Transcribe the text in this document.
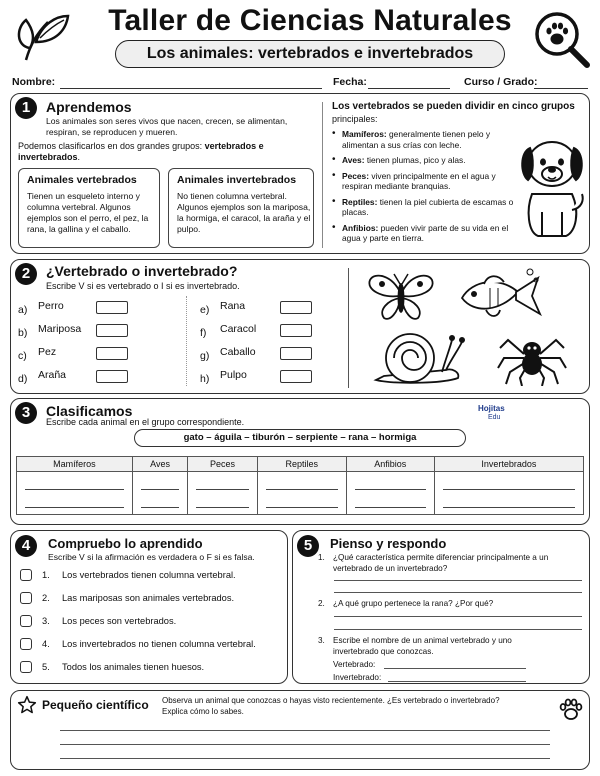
Taller de Ciencias Naturales
Los animales: vertebrados e invertebrados
Nombre:	Fecha:	Curso / Grado:
1	Aprendemos
Los animales son seres vivos que nacen, crecen, se alimentan, respiran, se reproducen y mueren.
Podemos clasificarlos en dos grandes grupos: vertebrados e invertebrados.
Animales vertebrados
Tienen un esqueleto interno y columna vertebral. Algunos ejemplos son el perro, el pez, la rana, la gallina y el caballo.
Animales invertebrados
No tienen columna vertebral. Algunos ejemplos son la mariposa, la hormiga, el caracol, la araña y el pulpo.
Los vertebrados se pueden dividir en cinco grupos
principales:
• Mamíferos: generalmente tienen pelo y alimentan a sus crías con leche.
• Aves: tienen plumas, pico y alas.
• Peces: viven principalmente en el agua y respiran mediante branquias.
• Reptiles: tienen la piel cubierta de escamas o placas.
• Anfibios: pueden vivir parte de su vida en el agua y parte en tierra.
2	¿Vertebrado o invertebrado?
Escribe V si es vertebrado o I si es invertebrado.
a) Perro
b) Mariposa
c) Pez
d) Araña
e) Rana
f) Caracol
g) Caballo
h) Pulpo
3	Clasificamos
Escribe cada animal en el grupo correspondiente.
Hojitas
Edu
gato – águila – tiburón – serpiente – rana – hormiga
Mamíferos	Aves	Peces	Reptiles	Anfibios	Invertebrados

4	Compruebo lo aprendido
Escribe V si la afirmación es verdadera o F si es falsa.
1. Los vertebrados tienen columna vertebral.
2. Las mariposas son animales vertebrados.
3. Los peces son vertebrados.
4. Los invertebrados no tienen columna vertebral.
5. Todos los animales tienen huesos.
5	Pienso y respondo
1. ¿Qué característica permite diferenciar principalmente a un vertebrado de un invertebrado?
2. ¿A qué grupo pertenece la rana? ¿Por qué?
3. Escribe el nombre de un animal vertebrado y uno invertebrado que conozcas.
Vertebrado:
Invertebrado:
Pequeño científico Observa un animal que conozcas o hayas visto recientemente. ¿Es vertebrado o invertebrado? Explica cómo lo sabes.
